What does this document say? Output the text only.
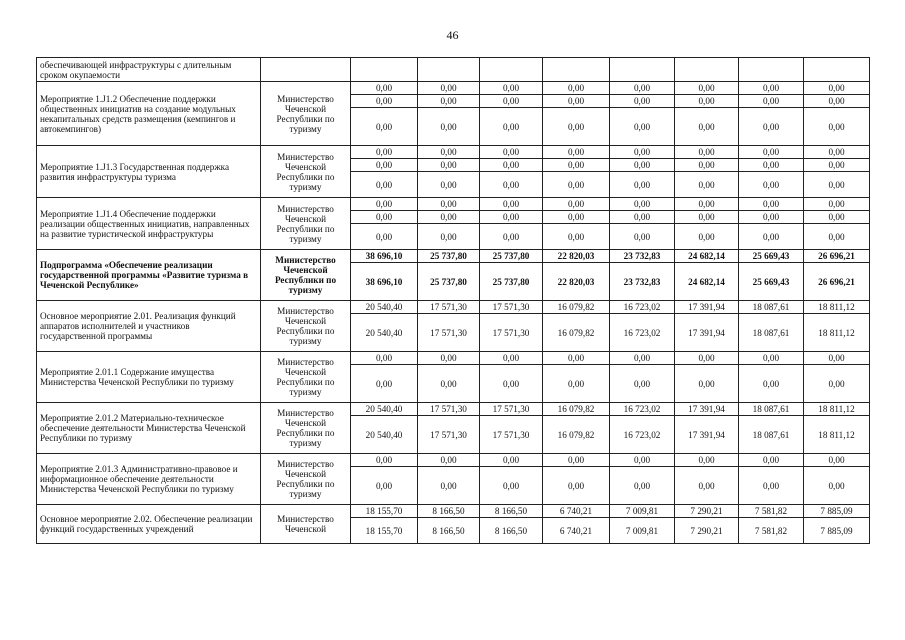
46
обеспечивающей инфраструктуры с длительным сроком окупаемости									
Мероприятие 1.J1.2 Обеспечение поддержки общественных инициатив на создание модульных некапитальных средств размещения (кемпингов и автокемпингов)	Министерство Чеченской Республики по туризму	0,00	0,00	0,00	0,00	0,00	0,00	0,00	0,00
		0,00	0,00	0,00	0,00	0,00	0,00	0,00	0,00
		0,00	0,00	0,00	0,00	0,00	0,00	0,00	0,00
Мероприятие 1.J1.3 Государственная поддержка развития инфраструктуры туризма	Министерство Чеченской Республики по туризму	0,00	0,00	0,00	0,00	0,00	0,00	0,00	0,00
		0,00	0,00	0,00	0,00	0,00	0,00	0,00	0,00
		0,00	0,00	0,00	0,00	0,00	0,00	0,00	0,00
Мероприятие 1.J1.4 Обеспечение поддержки реализации общественных инициатив, направленных на развитие туристической инфраструктуры	Министерство Чеченской Республики по туризму	0,00	0,00	0,00	0,00	0,00	0,00	0,00	0,00
		0,00	0,00	0,00	0,00	0,00	0,00	0,00	0,00
		0,00	0,00	0,00	0,00	0,00	0,00	0,00	0,00
Подпрограмма «Обеспечение реализации государственной программы «Развитие туризма в Чеченской Республике»	Министерство Чеченской Республики по туризму	38 696,10	25 737,80	25 737,80	22 820,03	23 732,83	24 682,14	25 669,43	26 696,21
		38 696,10	25 737,80	25 737,80	22 820,03	23 732,83	24 682,14	25 669,43	26 696,21
Основное мероприятие 2.01. Реализация функций аппаратов исполнителей и участников государственной программы	Министерство Чеченской Республики по туризму	20 540,40	17 571,30	17 571,30	16 079,82	16 723,02	17 391,94	18 087,61	18 811,12
		20 540,40	17 571,30	17 571,30	16 079,82	16 723,02	17 391,94	18 087,61	18 811,12
Мероприятие 2.01.1 Содержание имущества Министерства Чеченской Республики по туризму	Министерство Чеченской Республики по туризму	0,00	0,00	0,00	0,00	0,00	0,00	0,00	0,00
		0,00	0,00	0,00	0,00	0,00	0,00	0,00	0,00
Мероприятие 2.01.2 Материально-техническое обеспечение деятельности Министерства Чеченской Республики по туризму	Министерство Чеченской Республики по туризму	20 540,40	17 571,30	17 571,30	16 079,82	16 723,02	17 391,94	18 087,61	18 811,12
		20 540,40	17 571,30	17 571,30	16 079,82	16 723,02	17 391,94	18 087,61	18 811,12
Мероприятие 2.01.3 Административно-правовое и информационное обеспечение деятельности Министерства Чеченской Республики по туризму	Министерство Чеченской Республики по туризму	0,00	0,00	0,00	0,00	0,00	0,00	0,00	0,00
		0,00	0,00	0,00	0,00	0,00	0,00	0,00	0,00
Основное мероприятие 2.02. Обеспечение реализации функций государственных учреждений	Министерство Чеченской	18 155,70	8 166,50	8 166,50	6 740,21	7 009,81	7 290,21	7 581,82	7 885,09
		18 155,70	8 166,50	8 166,50	6 740,21	7 009,81	7 290,21	7 581,82	7 885,09
